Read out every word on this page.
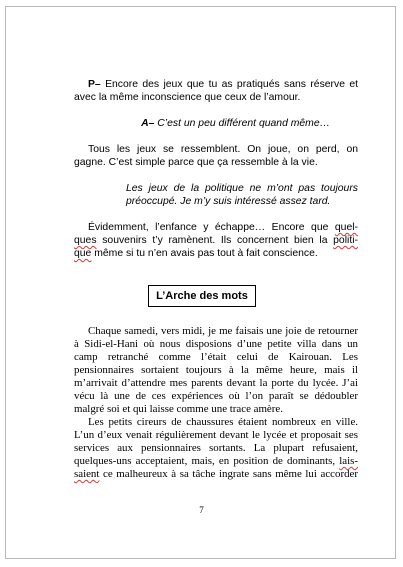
P– Encore des jeux que tu as pratiqués sans réserve et
avec la même inconscience que ceux de l’amour.
A– C’est un peu différent quand même…
Tous les jeux se ressemblent. On joue, on perd, on
gagne. C’est simple parce que ça ressemble à la vie.
Les jeux de la politique ne m’ont pas toujours
préoccupé. Je m’y suis intéressé assez tard.
Évidemment, l’enfance y échappe… Encore que quel-
ques souvenirs t’y ramènent. Ils concernent bien la politi-
que même si tu n’en avais pas tout à fait conscience.
L’Arche des mots
Chaque samedi, vers midi, je me faisais une joie de retourner
à Sidi-el-Hani où nous disposions d’une petite villa dans un
camp retranché comme l’était celui de Kairouan. Les
pensionnaires sortaient toujours à la même heure, mais il
m’arrivait d’attendre mes parents devant la porte du lycée. J’ai
vécu là une de ces expériences où l’on paraît se dédoubler
malgré soi et qui laisse comme une trace amère.
Les petits cireurs de chaussures étaient nombreux en ville.
L’un d’eux venait régulièrement devant le lycée et proposait ses
services aux pensionnaires sortants. La plupart refusaient,
quelques-uns acceptaient, mais, en position de dominants, lais-
saient ce malheureux à sa tâche ingrate sans même lui accorder
7
